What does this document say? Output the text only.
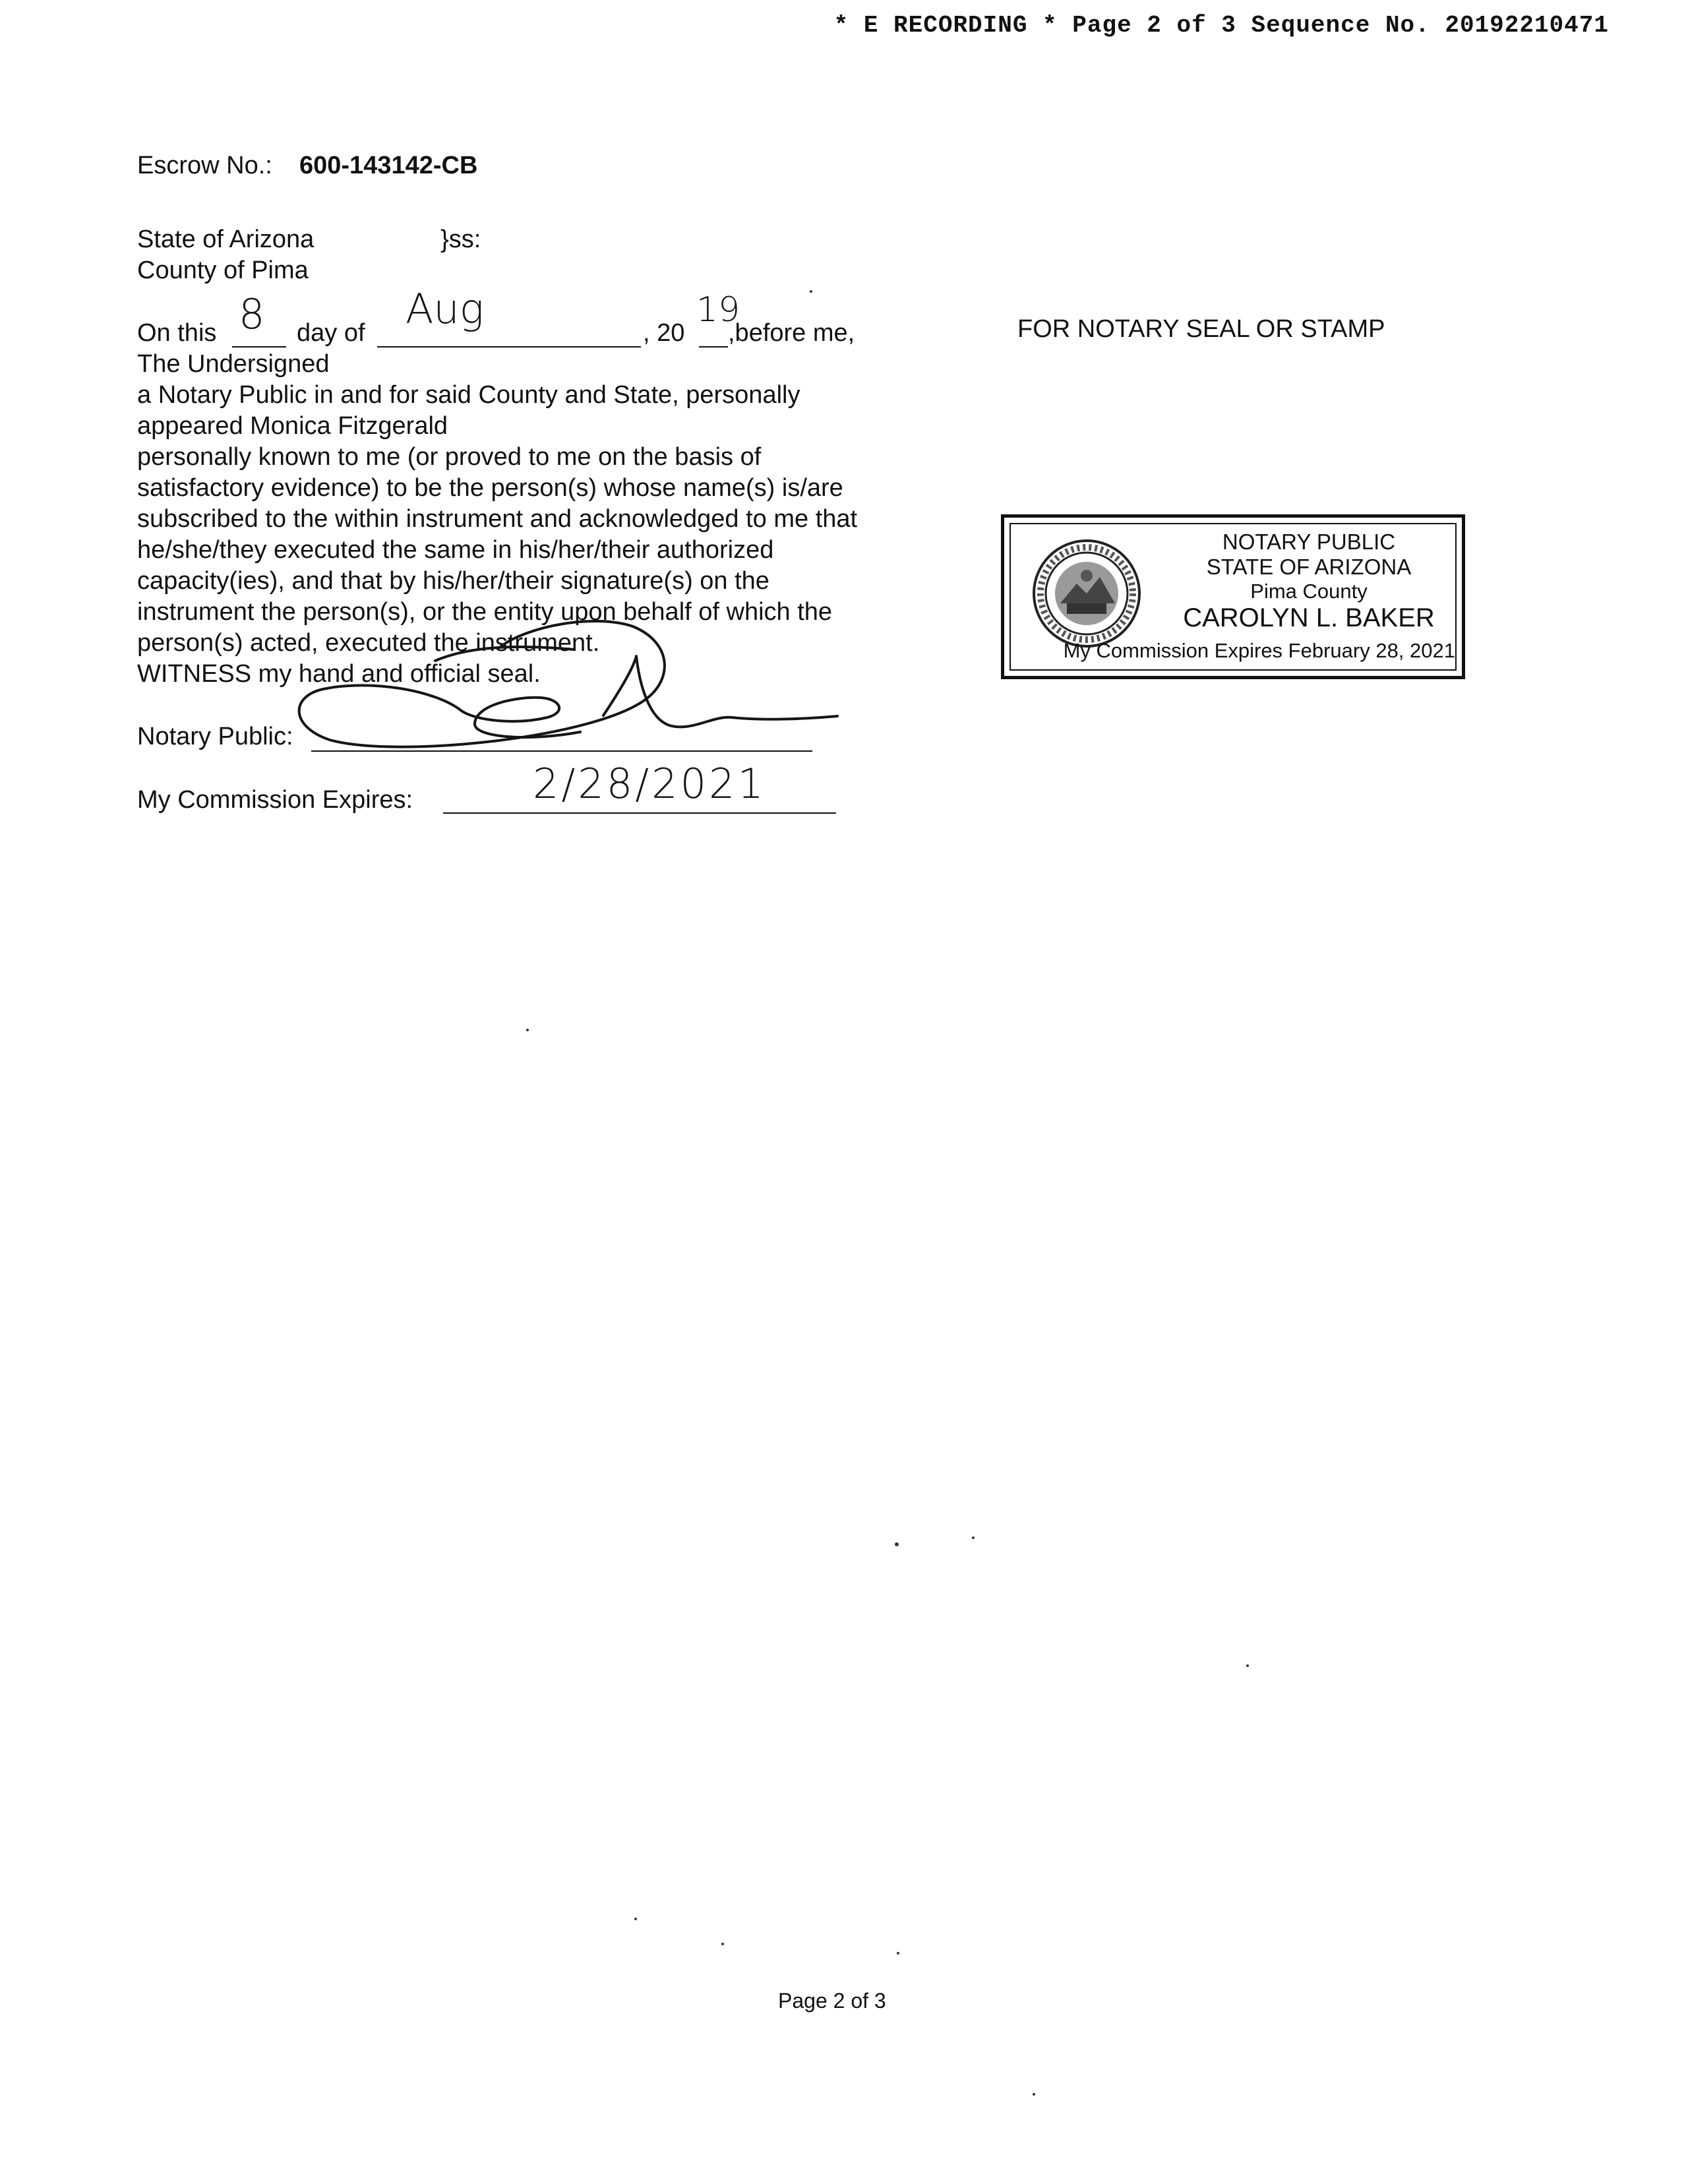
* E RECORDING * Page 2 of 3 Sequence No. 20192210471
Escrow No.: 600-143142-CB
State of Arizona	}ss:
County of Pima
On this 8 day of Aug	, 20
19
,before me,	FOR NOTARY SEAL OR STAMP
The Undersigned
a Notary Public in and for said County and State, personally
appeared Monica Fitzgerald
personally known to me (or proved to me on the basis of
satisfactory evidence) to be the person(s) whose name(s) is/are
subscribed to the within instrument and acknowledged to me that
he/she/they executed the same in his/her/their authorized
capacity(ies), and that by his/her/their signature(s) on the
instrument the person(s), or the entity upon behalf of which the
person(s) acted, executed the instrument.
WITNESS my hand and official seal.
Notary Public:
My Commission Expires:	2/28/2021
NOTARY PUBLIC
STATE OF ARIZONA
Pima County
CAROLYN L. BAKER
My Commission Expires February 28, 2021
Page 2 of 3
